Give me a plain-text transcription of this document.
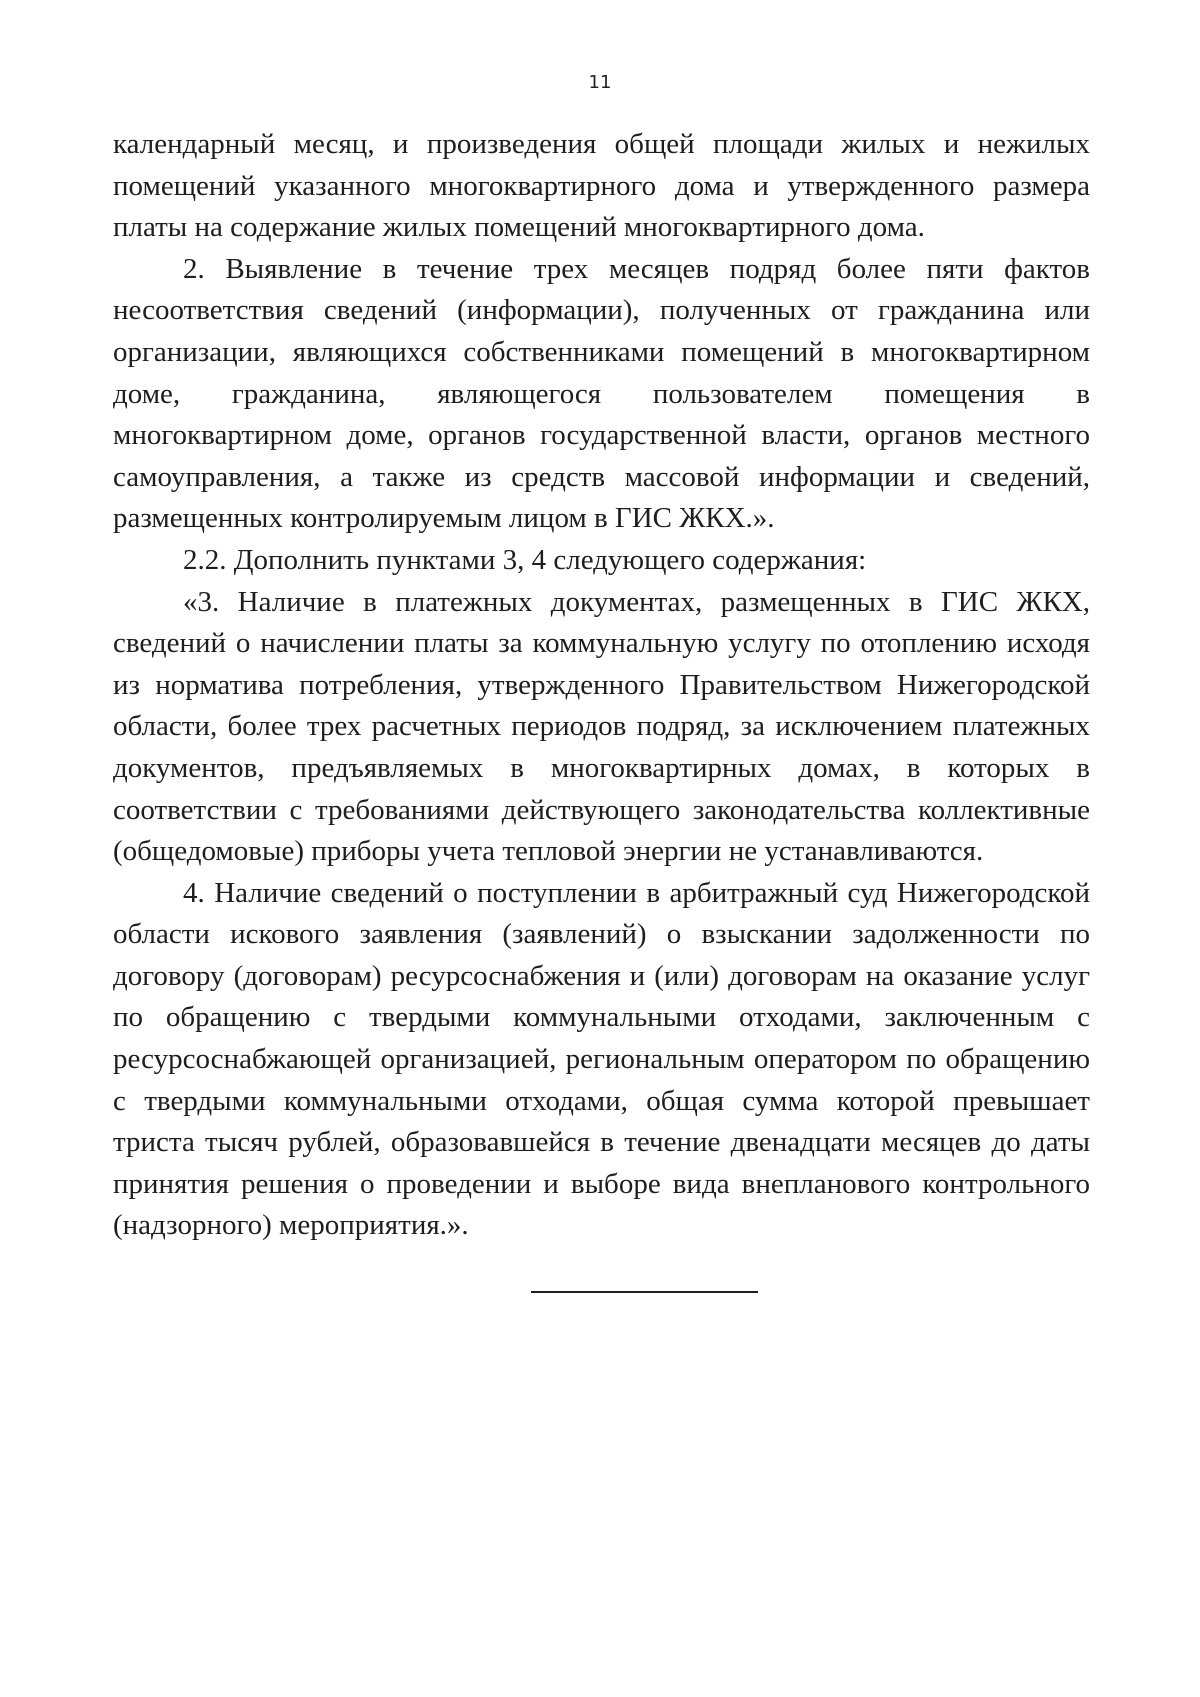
11

календарный месяц, и произведения общей площади жилых и нежилых помещений указанного многоквартирного дома и утвержденного размера платы на содержание жилых помещений многоквартирного дома.

2. Выявление в течение трех месяцев подряд более пяти фактов несоответствия сведений (информации), полученных от гражданина или организации, являющихся собственниками помещений в многоквартирном доме, гражданина, являющегося пользователем помещения в многоквартирном доме, органов государственной власти, органов местного самоуправления, а также из средств массовой информации и сведений, размещенных контролируемым лицом в ГИС ЖКХ.».

2.2. Дополнить пунктами 3, 4 следующего содержания:

«3. Наличие в платежных документах, размещенных в ГИС ЖКХ, сведений о начислении платы за коммунальную услугу по отоплению исходя из норматива потребления, утвержденного Правительством Нижегородской области, более трех расчетных периодов подряд, за исключением платежных документов, предъявляемых в многоквартирных домах, в которых в соответствии с требованиями действующего законодательства коллективные (общедомовые) приборы учета тепловой энергии не устанавливаются.

4. Наличие сведений о поступлении в арбитражный суд Нижегородской области искового заявления (заявлений) о взыскании задолженности по договору (договорам) ресурсоснабжения и (или) договорам на оказание услуг по обращению с твердыми коммунальными отходами, заключенным с ресурсоснабжающей организацией, региональным оператором по обращению с твердыми коммунальными отходами, общая сумма которой превышает триста тысяч рублей, образовавшейся в течение двенадцати месяцев до даты принятия решения о проведении и выборе вида внепланового контрольного (надзорного) мероприятия.».
